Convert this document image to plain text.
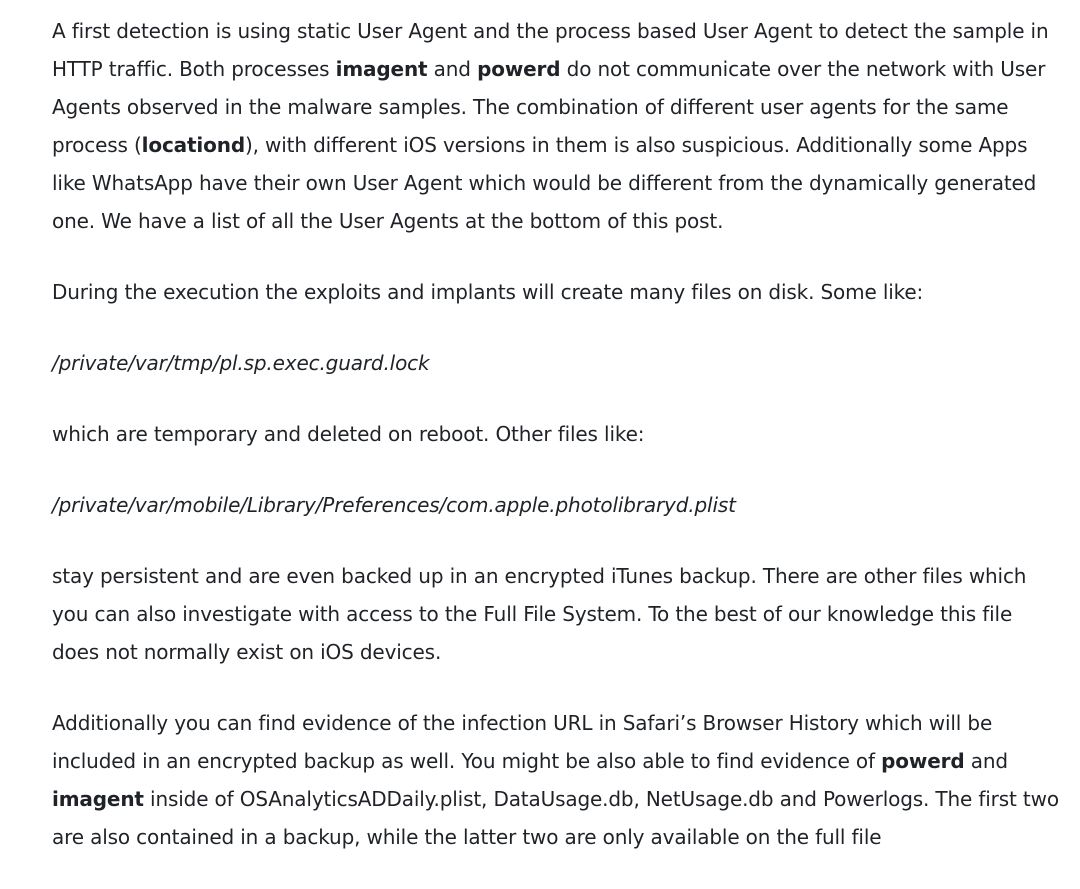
A first detection is using static User Agent and the process based User Agent to detect the sample in HTTP traffic. Both processes imagent and powerd do not communicate over the network with User Agents observed in the malware samples. The combination of different user agents for the same process (locationd), with different iOS versions in them is also suspicious. Additionally some Apps like WhatsApp have their own User Agent which would be different from the dynamically generated one. We have a list of all the User Agents at the bottom of this post.

During the execution the exploits and implants will create many files on disk. Some like:

/private/var/tmp/pl.sp.exec.guard.lock

which are temporary and deleted on reboot. Other files like:

/private/var/mobile/Library/Preferences/com.apple.photolibraryd.plist

stay persistent and are even backed up in an encrypted iTunes backup. There are other files which you can also investigate with access to the Full File System. To the best of our knowledge this file does not normally exist on iOS devices.

Additionally you can find evidence of the infection URL in Safari’s Browser History which will be included in an encrypted backup as well. You might be also able to find evidence of powerd and imagent inside of OSAnalyticsADDaily.plist, DataUsage.db, NetUsage.db and Powerlogs. The first two are also contained in a backup, while the latter two are only available on the full file
